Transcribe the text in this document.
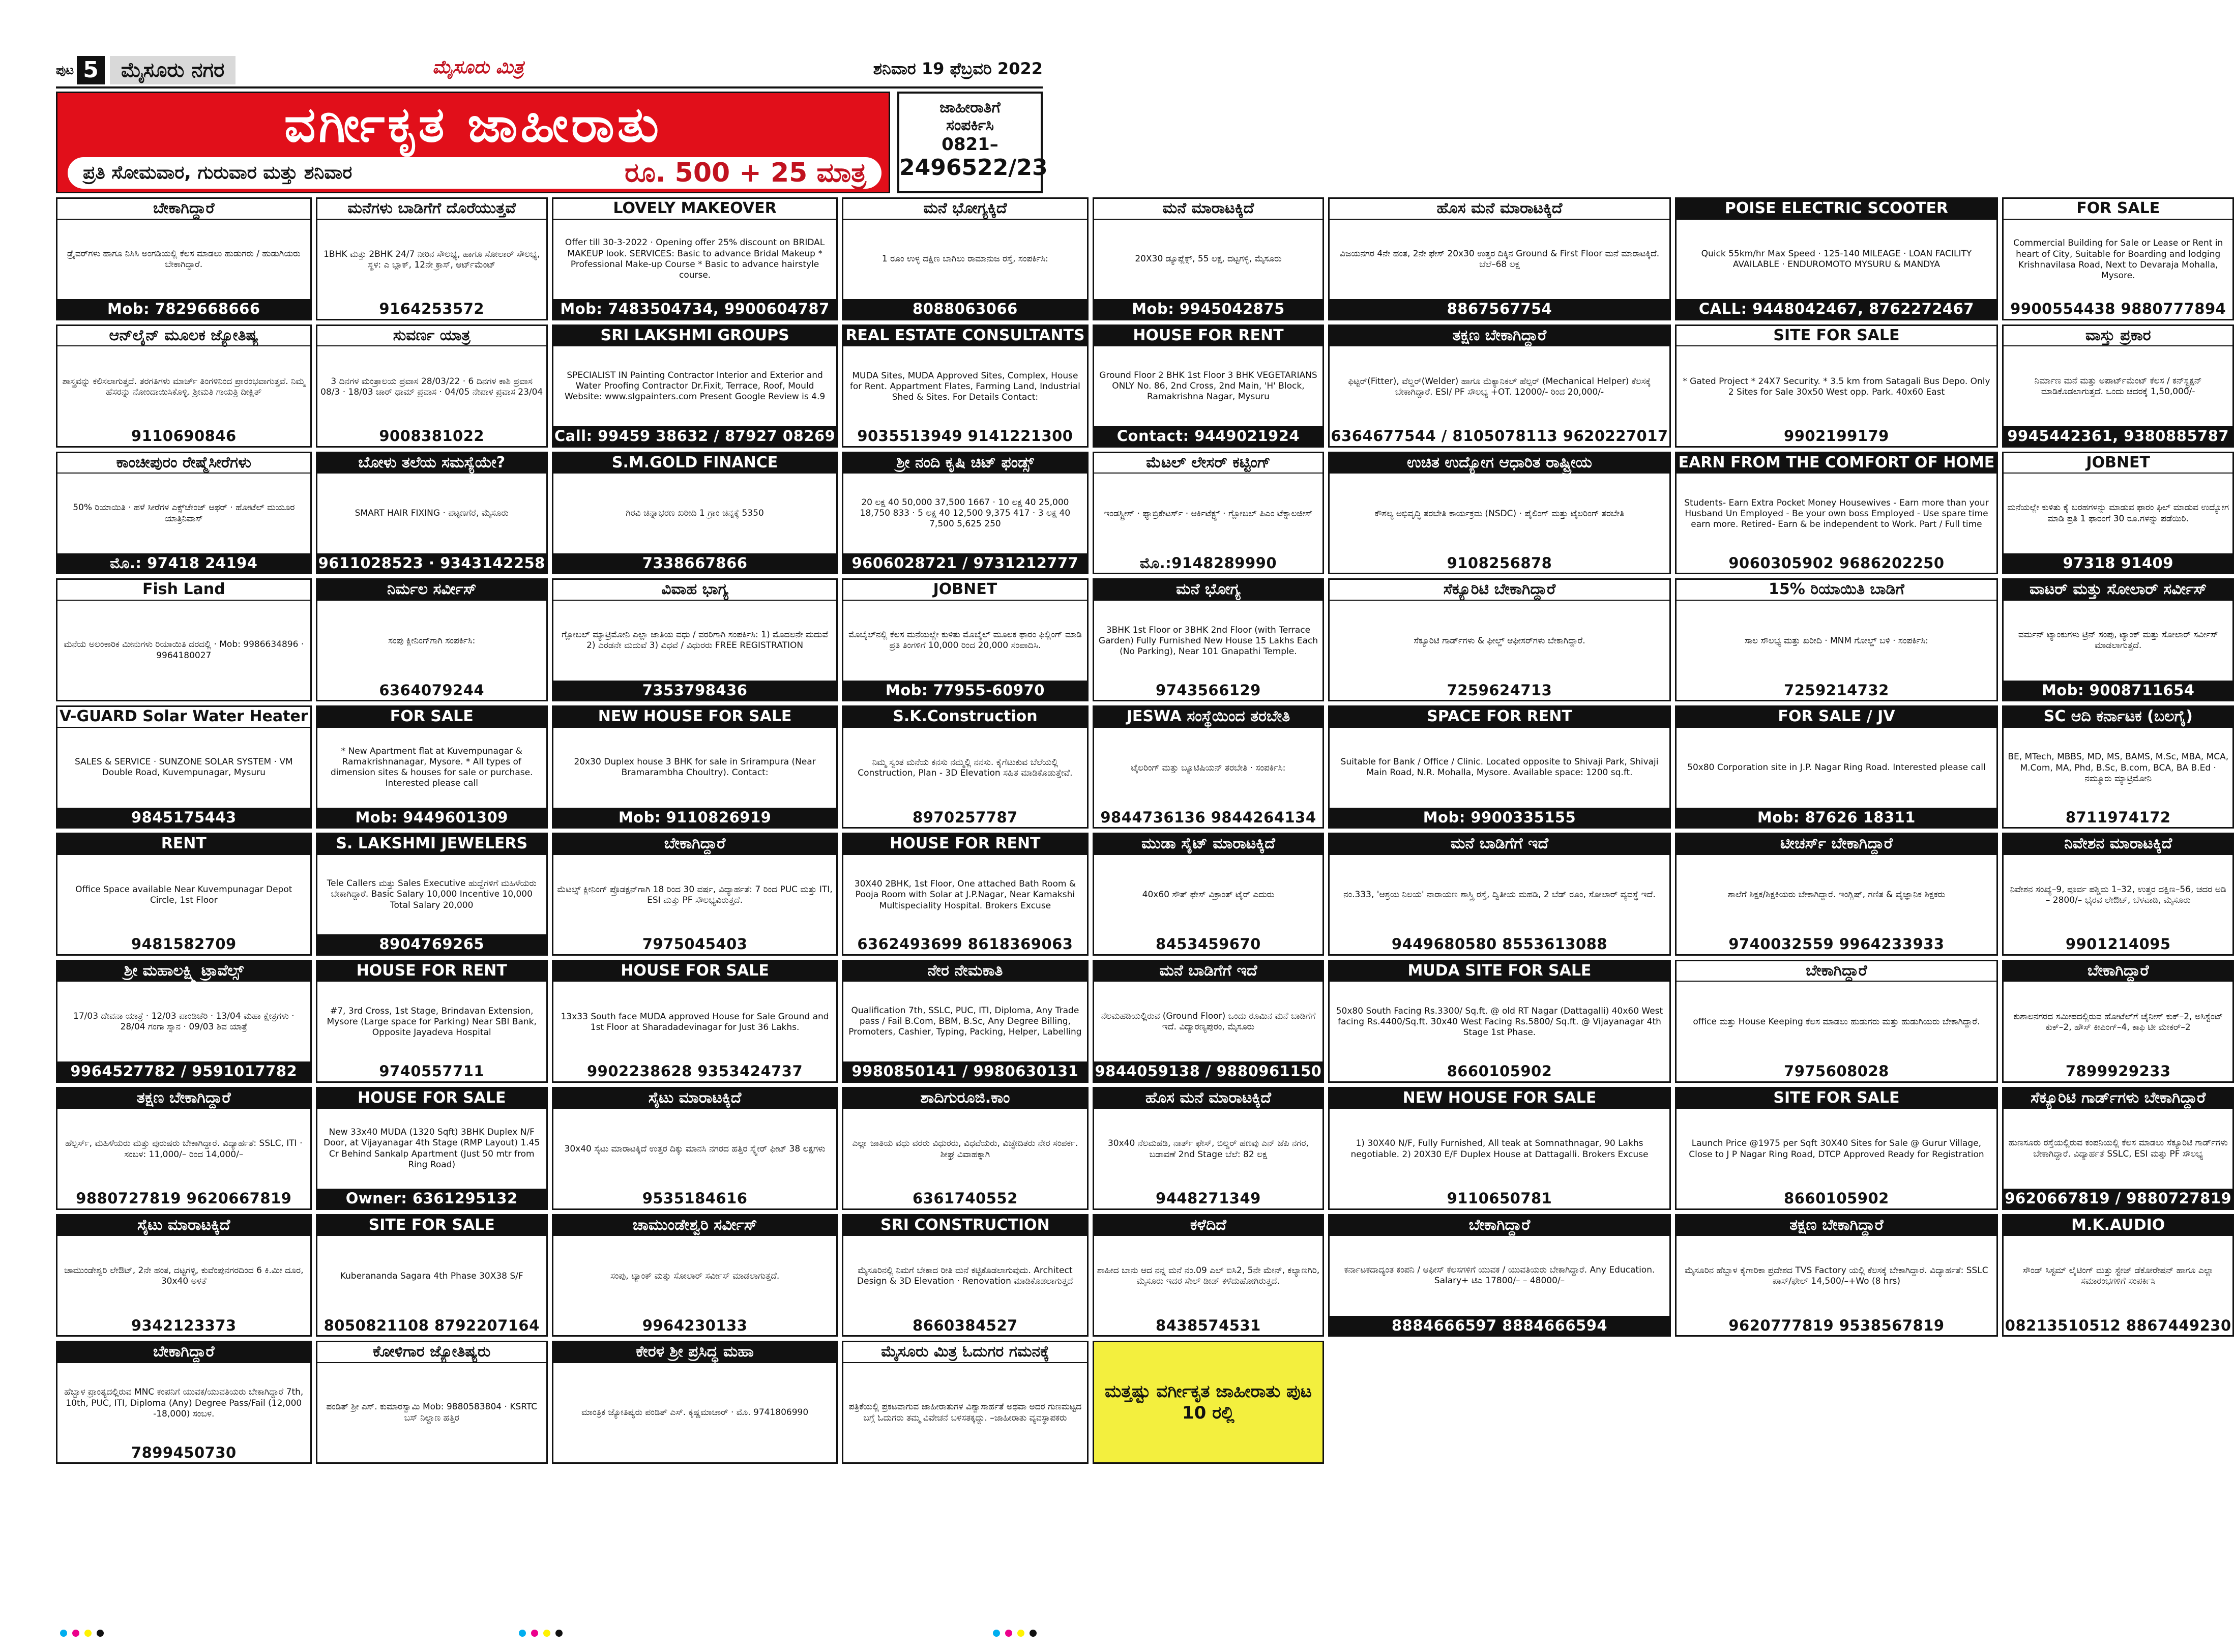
ಪುಟ 5	ಮೈಸೂರು ನಗರ	ಮೈಸೂರು ಮಿತ್ರ	ಶನಿವಾರ 19 ಫೆಬ್ರವರಿ 2022
ವರ್ಗೀಕೃತ ಜಾಹೀರಾತು
ಪ್ರತಿ ಸೋಮವಾರ, ಗುರುವಾರ ಮತ್ತು ಶನಿವಾರ	ರೂ. 500 + 25 ಮಾತ್ರ
ಜಾಹೀರಾತಿಗೆ
ಸಂಪರ್ಕಿಸಿ
0821–
2496522/23
ಬೇಕಾಗಿದ್ದಾರೆ
ಡ್ರೈವರ್‌ಗಳು ಹಾಗೂ ನಿಸಿಸಿ ಅಂಗಡಿಯಲ್ಲಿ ಕೆಲಸ ಮಾಡಲು ಹುಡುಗರು / ಹುಡುಗಿಯರು ಬೇಕಾಗಿದ್ದಾರೆ.
Mob: 7829668666
ಮನೆಗಳು ಬಾಡಿಗೆಗೆ ದೊರೆಯುತ್ತವೆ
1BHK ಮತ್ತು 2BHK 24/7 ನೀರಿನ ಸೌಲಭ್ಯ, ಹಾಗೂ ಸೋಲಾರ್ ಸೌಲಭ್ಯ, ಸ್ಥಳ: ಎ ಬ್ಲಾಕ್, 12ನೇ ಕ್ರಾಸ್, ಆರ್ಟ್‌ಮೆಂಟ್
9164253572
LOVELY MAKEOVER
Offer till 30-3-2022 · Opening offer 25% discount on BRIDAL MAKEUP look. SERVICES: Basic to advance Bridal Makeup * Professional Make-up Course * Basic to advance hairstyle course.
Mob: 7483504734, 9900604787
ಮನೆ ಭೋಗ್ಯಕ್ಕಿದೆ
1 ರೂಂ ಉಳ್ಳ ದಕ್ಷಿಣ ಬಾಗಿಲು ರಾಮಾನುಜ ರಸ್ತೆ, ಸಂಪರ್ಕಿಸಿ:
8088063066
ಮನೆ ಮಾರಾಟಕ್ಕಿದೆ
20X30 ಡ್ಯೂಪ್ಲೆಕ್ಸ್, 55 ಲಕ್ಷ, ದಟ್ಟಗಳ್ಳಿ, ಮೈಸೂರು
Mob: 9945042875
ಹೊಸ ಮನೆ ಮಾರಾಟಕ್ಕಿದೆ
ವಿಜಯನಗರ 4ನೇ ಹಂತ, 2ನೇ ಫೇಸ್ 20x30 ಉತ್ತರ ದಿಕ್ಕಿನ Ground & First Floor ಮನೆ ಮಾರಾಟಕ್ಕಿದೆ. ಬೆಲೆ–68 ಲಕ್ಷ
8867567754
POISE ELECTRIC SCOOTER
Quick 55km/hr Max Speed · 125-140 MILEAGE · LOAN FACILITY AVAILABLE · ENDUROMOTO MYSURU & MANDYA
CALL: 9448042467, 8762272467
FOR SALE
Commercial Building for Sale or Lease or Rent in heart of City, Suitable for Boarding and lodging Krishnavilasa Road, Next to Devaraja Mohalla, Mysore.
9900554438 9880777894
ಆನ್‌ಲೈನ್ ಮೂಲಕ ಜ್ಯೋತಿಷ್ಯ
ಶಾಸ್ತ್ರವನ್ನು ಕಲಿಸಲಾಗುತ್ತದೆ. ತರಗತಿಗಳು ಮಾರ್ಚ್ ತಿಂಗಳಿನಿಂದ ಪ್ರಾರಂಭವಾಗುತ್ತವೆ. ನಿಮ್ಮ ಹೆಸರನ್ನು ನೋಂದಾಯಿಸಿಕೊಳ್ಳಿ. ಶ್ರೀಮತಿ ಗಾಯತ್ರಿ ದೀಕ್ಷಿತ್
9110690846
ಸುವರ್ಣ ಯಾತ್ರ
3 ದಿನಗಳ ಮಂತ್ರಾಲಯ ಪ್ರವಾಸ 28/03/22 · 6 ದಿನಗಳ ಕಾಶಿ ಪ್ರವಾಸ 08/3 · 18/03 ಚಾರ್ ಧಾಮ್ ಪ್ರವಾಸ · 04/05 ನೇಪಾಳ ಪ್ರವಾಸ 23/04
9008381022
SRI LAKSHMI GROUPS
SPECIALIST IN Painting Contractor Interior and Exterior and Water Proofing Contractor Dr.Fixit, Terrace, Roof, Mould Website: www.slgpainters.com Present Google Review is 4.9
Call: 99459 38632 / 87927 08269
REAL ESTATE CONSULTANTS
MUDA Sites, MUDA Approved Sites, Complex, House for Rent. Appartment Flates, Farming Land, Industrial Shed & Sites. For Details Contact:
9035513949 9141221300
HOUSE FOR RENT
Ground Floor 2 BHK 1st Floor 3 BHK VEGETARIANS ONLY No. 86, 2nd Cross, 2nd Main, 'H' Block, Ramakrishna Nagar, Mysuru
Contact: 9449021924
ತಕ್ಷಣ ಬೇಕಾಗಿದ್ದಾರೆ
ಫಿಟ್ಟರ್(Fitter), ವೆಲ್ಡರ್(Welder) ಹಾಗೂ ಮೆಕ್ಯಾನಿಕಲ್ ಹೆಲ್ಪರ್ (Mechanical Helper) ಕೆಲಸಕ್ಕೆ ಬೇಕಾಗಿದ್ದಾರೆ. ESI/ PF ಸೌಲಭ್ಯ +OT. 12000/- ರಿಂದ 20,000/-
6364677544 / 8105078113 9620227017
SITE FOR SALE
* Gated Project * 24X7 Security. * 3.5 km from Satagali Bus Depo. Only 2 Sites for Sale 30x50 West opp. Park. 40x60 East
9902199179
ವಾಸ್ತು ಪ್ರಕಾರ
ನಿರ್ಮಾಣ ಮನೆ ಮತ್ತು ಅಪಾರ್ಟ್‌ಮೆಂಟ್ ಕೆಲಸ / ಕನ್‌ಸ್ಟ್ರಕ್ಷನ್ ಮಾಡಿಕೊಡಲಾಗುತ್ತದೆ. ಒಂದು ಚದರಕ್ಕೆ 1,50,000/-
9945442361, 9380885787
ಕಾಂಚೀಪುರಂ ರೇಷ್ಮೆಸೀರೆಗಳು
50% ರಿಯಾಯಿತಿ · ಹಳೆ ಸೀರೆಗಳ ಎಕ್ಸ್‌ಚೇಂಜ್ ಆಫರ್ · ಹೋಟೆಲ್ ಮಯೂರ ಯಾತ್ರಿನಿವಾಸ್
ಮೊ.: 97418 24194
ಬೋಳು ತಲೆಯ ಸಮಸ್ಯೆಯೇ?
SMART HAIR FIXING · ಪಟ್ಟಣಗೆರೆ, ಮೈಸೂರು
9611028523 · 9343142258
S.M.GOLD FINANCE
ಗಿರವಿ ಚಿನ್ನಾಭರಣ ಖರೀದಿ 1 ಗ್ರಾಂ ಚಿನ್ನಕ್ಕೆ 5350
7338667866
ಶ್ರೀ ನಂದಿ ಕೃಷಿ ಚಿಟ್ ಫಂಡ್ಸ್
20 ಲಕ್ಷ 40 50,000 37,500 1667 · 10 ಲಕ್ಷ 40 25,000 18,750 833 · 5 ಲಕ್ಷ 40 12,500 9,375 417 · 3 ಲಕ್ಷ 40 7,500 5,625 250
9606028721 / 9731212777
ಮೆಟಲ್ ಲೇಸರ್ ಕಟ್ಟಿಂಗ್
ಇಂಡಸ್ಟ್ರೀಸ್ · ಫ್ಯಾಬ್ರಿಕೇಟರ್ಸ್ · ಆರ್ಕಿಟೆಕ್ಟ್ಸ್ · ಗ್ಲೋಬಲ್ ಪಿಎಂ ಟೆಕ್ನಾಲಜೀಸ್
ಮೊ.:9148289990
ಉಚಿತ ಉದ್ಯೋಗ ಆಧಾರಿತ ರಾಷ್ಟ್ರೀಯ
ಕೌಶಲ್ಯ ಅಭಿವೃದ್ಧಿ ತರಬೇತಿ ಕಾರ್ಯಕ್ರಮ (NSDC) · ಪೈಲಿಂಗ್ ಮತ್ತು ಟೈಲರಿಂಗ್ ತರಬೇತಿ
9108256878
EARN FROM THE COMFORT OF HOME
Students- Earn Extra Pocket Money Housewives - Earn more than your Husband Un Employed - Be your own boss Employed - Use spare time earn more. Retired- Earn & be independent to Work. Part / Full time
9060305902 9686202250
JOBNET
ಮನೆಯಲ್ಲೇ ಕುಳಿತು ಕೈ ಬರಹಗಳನ್ನು ಮಾಡುವ ಫಾರಂ ಫಿಲ್ ಮಾಡುವ ಉದ್ಯೋಗ ಮಾಡಿ ಪ್ರತಿ 1 ಫಾರಂಗೆ 30 ರೂ.ಗಳನ್ನು ಪಡೆಯಿರಿ.
97318 91409
Fish Land
ಮನೆಯ ಅಲಂಕಾರಿಕ ಮೀನುಗಳು ರಿಯಾಯಿತಿ ದರದಲ್ಲಿ · Mob: 9986634896 · 9964180027
ನಿರ್ಮಲ ಸರ್ವೀಸ್
ಸಂಪು ಕ್ಲೀನಿಂಗ್‌ಗಾಗಿ ಸಂಪರ್ಕಿಸಿ:
6364079244
ವಿವಾಹ ಭಾಗ್ಯ
ಗ್ಲೋಬಲ್ ಮ್ಯಾಟ್ರಿಮೋನಿ ಎಲ್ಲಾ ಜಾತಿಯ ವಧು / ವರರಿಗಾಗಿ ಸಂಪರ್ಕಿಸಿ: 1) ಮೊದಲನೇ ಮದುವೆ 2) ಎರಡನೇ ಮದುವೆ 3) ವಿಧವೆ / ವಿಧುರರು FREE REGISTRATION
7353798436
JOBNET
ಮೊಬೈಲ್‌ನಲ್ಲಿ ಕೆಲಸ ಮನೆಯಲ್ಲೇ ಕುಳಿತು ಮೊಬೈಲ್ ಮೂಲಕ ಫಾರಂ ಫಿಲ್ಲಿಂಗ್ ಮಾಡಿ ಪ್ರತಿ ತಿಂಗಳಿಗೆ 10,000 ರಿಂದ 20,000 ಸಂಪಾದಿಸಿ.
Mob: 77955-60970
ಮನೆ ಭೋಗ್ಯ
3BHK 1st Floor or 3BHK 2nd Floor (with Terrace Garden) Fully Furnished New House 15 Lakhs Each (No Parking), Near 101 Gnapathi Temple.
9743566129
ಸೆಕ್ಯೂರಿಟಿ ಬೇಕಾಗಿದ್ದಾರೆ
ಸೆಕ್ಯೂರಿಟಿ ಗಾರ್ಡ್‌ಗಳು & ಫೀಲ್ಡ್ ಆಫೀಸರ್‌ಗಳು ಬೇಕಾಗಿದ್ದಾರೆ.
7259624713
15% ರಿಯಾಯಿತಿ ಬಾಡಿಗೆ
ಸಾಲ ಸೌಲಭ್ಯ ಮತ್ತು ಖರೀದಿ · MNM ಗೋಲ್ಡ್ ಬಳಿ · ಸಂಪರ್ಕಿಸಿ:
7259214732
ವಾಟರ್ ಮತ್ತು ಸೋಲಾರ್ ಸರ್ವೀಸ್
ವರ್ಮನ್ ಟ್ಯಾಂಕುಗಳು ಟ್ರಿನ್ ಸಂಪು, ಟ್ಯಾಂಕ್ ಮತ್ತು ಸೋಲಾರ್ ಸರ್ವೀಸ್ ಮಾಡಲಾಗುತ್ತದೆ.
Mob: 9008711654
V-GUARD Solar Water Heater
SALES & SERVICE · SUNZONE SOLAR SYSTEM · VM Double Road, Kuvempunagar, Mysuru
9845175443
FOR SALE
* New Apartment flat at Kuvempunagar & Ramakrishnanagar, Mysore. * All types of dimension sites & houses for sale or purchase. Interested please call
Mob: 9449601309
NEW HOUSE FOR SALE
20x30 Duplex house 3 BHK for sale in Srirampura (Near Bramarambha Choultry). Contact:
Mob: 9110826919
S.K.Construction
ನಿಮ್ಮ ಸ್ವಂತ ಮನೆಯ ಕನಸು ನಮ್ಮಲ್ಲಿ ನನಸು. ಕೈಗೆಟುಕುವ ಬೆಲೆಯಲ್ಲಿ Construction, Plan - 3D Elevation ಸಹಿತ ಮಾಡಿಕೊಡುತ್ತೇವೆ.
8970257787
JESWA ಸಂಸ್ಥೆಯಿಂದ ತರಬೇತಿ
ಟೈಲರಿಂಗ್ ಮತ್ತು ಬ್ಯೂಟಿಷಿಯನ್ ತರಬೇತಿ · ಸಂಪರ್ಕಿಸಿ:
9844736136 9844264134
SPACE FOR RENT
Suitable for Bank / Office / Clinic. Located opposite to Shivaji Park, Shivaji Main Road, N.R. Mohalla, Mysore. Available space: 1200 sq.ft.
Mob: 9900335155
FOR SALE / JV
50x80 Corporation site in J.P. Nagar Ring Road. Interested please call
Mob: 87626 18311
SC ಆದಿ ಕರ್ನಾಟಕ (ಬಲಗೈ)
BE, MTech, MBBS, MD, MS, BAMS, M.Sc, MBA, MCA, M.Com, MA, Phd, B.Sc, B.com, BCA, BA B.Ed · ನಮ್ಮೂರು ಮ್ಯಾಟ್ರಿಮೋನಿ
8711974172
RENT
Office Space available Near Kuvempunagar Depot Circle, 1st Floor
9481582709
S. LAKSHMI JEWELERS
Tele Callers ಮತ್ತು Sales Executive ಹುದ್ದೆಗಳಿಗೆ ಮಹಿಳೆಯರು ಬೇಕಾಗಿದ್ದಾರೆ. Basic Salary 10,000 Incentive 10,000 Total Salary 20,000
8904769265
ಬೇಕಾಗಿದ್ದಾರೆ
ಮೆಟಲ್ಸ್ ಕ್ಲೀನಿಂಗ್ ಪ್ರೊಡಕ್ಷನ್‌ಗಾಗಿ 18 ರಿಂದ 30 ವರ್ಷ, ವಿದ್ಯಾರ್ಹತೆ: 7 ರಿಂದ PUC ಮತ್ತು ITI, ESI ಮತ್ತು PF ಸೌಲಭ್ಯವಿರುತ್ತದೆ.
7975045403
HOUSE FOR RENT
30X40 2BHK, 1st Floor, One attached Bath Room & Pooja Room with Solar at J.P.Nagar, Near Kamakshi Multispeciality Hospital. Brokers Excuse
6362493699 8618369063
ಮುಡಾ ಸೈಟ್ ಮಾರಾಟಕ್ಕಿದೆ
40x60 ಸೌತ್ ಫೇಸ್ ವಿಕ್ರಾಂತ್ ಟೈರ್ ಎದುರು
8453459670
ಮನೆ ಬಾಡಿಗೆಗೆ ಇದೆ
ನಂ.333, 'ಆಶ್ರಯ ನಿಲಯ' ನಾರಾಯಣ ಶಾಸ್ತ್ರಿ ರಸ್ತೆ, ದ್ವಿತೀಯ ಮಹಡಿ, 2 ಬೆಡ್ ರೂಂ, ಸೋಲಾರ್ ವ್ಯವಸ್ಥೆ ಇದೆ.
9449680580 8553613088
ಟೀಚರ್ಸ್ ಬೇಕಾಗಿದ್ದಾರೆ
ಶಾಲೆಗೆ ಶಿಕ್ಷಕ/ಶಿಕ್ಷಕಿಯರು ಬೇಕಾಗಿದ್ದಾರೆ. ಇಂಗ್ಲಿಷ್, ಗಣಿತ & ವೈಜ್ಞಾನಿಕ ಶಿಕ್ಷಕರು
9740032559 9964233933
ನಿವೇಶನ ಮಾರಾಟಕ್ಕಿದೆ
ನಿವೇಶನ ಸಂಖ್ಯೆ–9, ಪೂರ್ವ ಪಶ್ಚಿಮ 1–32, ಉತ್ತರ ದಕ್ಷಿಣ–56, ಚದರ ಅಡಿ – 2800/– ಭೈರವ ಲೇಔಟ್, ಬೆಳವಾಡಿ, ಮೈಸೂರು
9901214095
ಶ್ರೀ ಮಹಾಲಕ್ಷ್ಮಿ ಟ್ರಾವೆಲ್ಸ್
17/03 ದೇವನಾ ಯಾತ್ರೆ · 12/03 ಪಾಂಡಿಚೆರಿ · 13/04 ಮಹಾ ಕ್ಷೇತ್ರಗಳು · 28/04 ಗಂಗಾ ಸ್ನಾನ · 09/03 ಶಿವ ಯಾತ್ರೆ
9964527782 / 9591017782
HOUSE FOR RENT
#7, 3rd Cross, 1st Stage, Brindavan Extension, Mysore (Large space for Parking) Near SBI Bank, Opposite Jayadeva Hospital
9740557711
HOUSE FOR SALE
13x33 South face MUDA approved House for Sale Ground and 1st Floor at Sharadadevinagar for Just 36 Lakhs.
9902238628 9353424737
ನೇರ ನೇಮಕಾತಿ
Qualification 7th, SSLC, PUC, ITI, Diploma, Any Trade pass / Fail B.Com, BBM, B.Sc, Any Degree Billing, Promoters, Cashier, Typing, Packing, Helper, Labelling
9980850141 / 9980630131
ಮನೆ ಬಾಡಿಗೆಗೆ ಇದೆ
ನೆಲಮಹಡಿಯಲ್ಲಿರುವ (Ground Floor) ಒಂದು ರೂಮಿನ ಮನೆ ಬಾಡಿಗೆಗೆ ಇದೆ. ವಿದ್ಯಾರಣ್ಯಪುರಂ, ಮೈಸೂರು
9844059138 / 9880961150
MUDA SITE FOR SALE
50x80 South Facing Rs.3300/ Sq.ft. @ old RT Nagar (Dattagalli) 40x60 West facing Rs.4400/Sq.ft. 30x40 West Facing Rs.5800/ Sq.ft. @ Vijayanagar 4th Stage 1st Phase.
8660105902
ಬೇಕಾಗಿದ್ದಾರೆ
office ಮತ್ತು House Keeping ಕೆಲಸ ಮಾಡಲು ಹುಡುಗರು ಮತ್ತು ಹುಡುಗಿಯರು ಬೇಕಾಗಿದ್ದಾರೆ.
7975608028
ಬೇಕಾಗಿದ್ದಾರೆ
ಕುಶಾಲನಗರದ ಸಮೀಪದಲ್ಲಿರುವ ಹೋಟೆಲ್‌ಗೆ ಚೈನೀಸ್ ಕುಕ್–2, ಅಸಿಸ್ಟೆಂಟ್ ಕುಕ್–2, ಹೌಸ್ ಕೀಪಿಂಗ್–4, ಕಾಫಿ ಟೀ ಮೇಕರ್–2
7899929233
ತಕ್ಷಣ ಬೇಕಾಗಿದ್ದಾರೆ
ಹೆಲ್ಪರ್ಸ್, ಮಹಿಳೆಯರು ಮತ್ತು ಪುರುಷರು ಬೇಕಾಗಿದ್ದಾರೆ. ವಿದ್ಯಾರ್ಹತೆ: SSLC, ITI · ಸಂಬಳ: 11,000/– ರಿಂದ 14,000/–
9880727819 9620667819
HOUSE FOR SALE
New 33x40 MUDA (1320 Sqft) 3BHK Duplex N/F Door, at Vijayanagar 4th Stage (RMP Layout) 1.45 Cr Behind Sankalp Apartment (Just 50 mtr from Ring Road)
Owner: 6361295132
ಸೈಟು ಮಾರಾಟಕ್ಕಿದೆ
30x40 ಸೈಟು ಮಾರಾಟಕ್ಕಿದೆ ಉತ್ತರ ದಿಕ್ಕು ಮಾನಸಿ ನಗರದ ಹತ್ತಿರ ಸ್ಕ್ವೇರ್ ಫೀಟ್ 38 ಲಕ್ಷಗಳು
9535184616
ಶಾದಿಗುರೂಜಿ.ಕಾಂ
ಎಲ್ಲಾ ಜಾತಿಯ ವಧು ವರರು ವಿಧುರರು, ವಿಧವೆಯರು, ವಿಚ್ಛೇದಿತರು ನೇರ ಸಂಪರ್ಕ. ಶೀಘ್ರ ವಿವಾಹಕ್ಕಾಗಿ
6361740552
ಹೊಸ ಮನೆ ಮಾರಾಟಕ್ಕಿದೆ
30x40 ನೆಲಮಹಡಿ, ನಾರ್ತ್ ಫೇಸ್, ಬಿಲ್ಡರ್ ಹಣವು ಎನ್ ಜೆಪಿ ನಗರ, ಬಡಾವಣೆ 2nd Stage ಬೆಲೆ: 82 ಲಕ್ಷ
9448271349
NEW HOUSE FOR SALE
1) 30X40 N/F, Fully Furnished, All teak at Somnathnagar, 90 Lakhs negotiable. 2) 20X30 E/F Duplex House at Dattagalli. Brokers Excuse
9110650781
SITE FOR SALE
Launch Price @1975 per Sqft 30X40 Sites for Sale @ Gurur Village, Close to J P Nagar Ring Road, DTCP Approved Ready for Registration
8660105902
ಸೆಕ್ಯೂರಿಟಿ ಗಾರ್ಡ್‌ಗಳು ಬೇಕಾಗಿದ್ದಾರೆ
ಹುಣಸೂರು ರಸ್ತೆಯಲ್ಲಿರುವ ಕಂಪನಿಯಲ್ಲಿ ಕೆಲಸ ಮಾಡಲು ಸೆಕ್ಯೂರಿಟಿ ಗಾರ್ಡ್‌ಗಳು ಬೇಕಾಗಿದ್ದಾರೆ. ವಿದ್ಯಾರ್ಹತೆ SSLC, ESI ಮತ್ತು PF ಸೌಲಭ್ಯ
9620667819 / 9880727819
ಸೈಟು ಮಾರಾಟಕ್ಕಿದೆ
ಚಾಮುಂಡೇಶ್ವರಿ ಲೇಔಟ್, 2ನೇ ಹಂತ, ದಟ್ಟಗಳ್ಳಿ, ಕುವೆಂಪುನಗರದಿಂದ 6 ಕಿ.ಮೀ ದೂರ, 30x40 ಅಳತೆ
9342123373
SITE FOR SALE
Kuberananda Sagara 4th Phase 30X38 S/F
8050821108 8792207164
ಚಾಮುಂಡೇಶ್ವರಿ ಸರ್ವೀಸ್
ಸಂಪು, ಟ್ಯಾಂಕ್ ಮತ್ತು ಸೋಲಾರ್ ಸರ್ವೀಸ್ ಮಾಡಲಾಗುತ್ತದೆ.
9964230133
SRI CONSTRUCTION
ಮೈಸೂರಿನಲ್ಲಿ ನಿಮಗೆ ಬೇಕಾದ ರೀತಿ ಮನೆ ಕಟ್ಟಿಕೊಡಲಾಗುವುದು. Architect Design & 3D Elevation · Renovation ಮಾಡಿಕೊಡಲಾಗುತ್ತದೆ
8660384527
ಕಳೆದಿದೆ
ಶಾಹೀದ ಬಾನು ಆದ ನನ್ನ ಮನೆ ನಂ.09 ಎಲ್ ಐಸಿ2, 5ನೇ ಮೇನ್, ಕಲ್ಯಾಣಗಿರಿ, ಮೈಸೂರು ಇದರ ಸೇಲ್ ಡೀಡ್ ಕಳೆದುಹೋಗಿರುತ್ತದೆ.
8438574531
ಬೇಕಾಗಿದ್ದಾರೆ
ಕರ್ನಾಟಕದಾದ್ಯಂತ ಕಂಪನಿ / ಆಫೀಸ್ ಕೆಲಸಗಳಿಗೆ ಯುವಕ / ಯುವತಿಯರು ಬೇಕಾಗಿದ್ದಾರೆ. Any Education. Salary+ ಟಿಎ 17800/– – 48000/–
8884666597 8884666594
ತಕ್ಷಣ ಬೇಕಾಗಿದ್ದಾರೆ
ಮೈಸೂರಿನ ಹೆಬ್ಬಾಳ ಕೈಗಾರಿಕಾ ಪ್ರದೇಶದ TVS Factory ಯಲ್ಲಿ ಕೆಲಸಕ್ಕೆ ಬೇಕಾಗಿದ್ದಾರೆ. ವಿದ್ಯಾರ್ಹತೆ: SSLC ಪಾಸ್/ಫೇಲ್ 14,500/–+Wo (8 hrs)
9620777819 9538567819
M.K.AUDIO
ಸೌಂಡ್ ಸಿಸ್ಟಮ್ ಲೈಟಿಂಗ್ ಮತ್ತು ಸ್ಟೇಜ್ ಡೆಕೋರೇಷನ್ ಹಾಗೂ ಎಲ್ಲಾ ಸಮಾರಂಭಗಳಿಗೆ ಸಂಪರ್ಕಿಸಿ
08213510512 8867449230
ಬೇಕಾಗಿದ್ದಾರೆ
ಹೆಬ್ಬಾಳ ಪ್ರಾಂತ್ಯದಲ್ಲಿರುವ MNC ಕಂಪನಿಗೆ ಯುವಕ/ಯುವತಿಯರು ಬೇಕಾಗಿದ್ದಾರೆ 7th, 10th, PUC, ITI, Diploma (Any) Degree Pass/Fail (12,000 -18,000) ಸಂಬಳ.
7899450730
ಕೋಳಿಗಾರ ಜ್ಯೋತಿಷ್ಯರು
ಪಂಡಿತ್ ಶ್ರೀ ಎಸ್. ಕುಮಾರಸ್ವಾಮಿ Mob: 9880583804 · KSRTC ಬಸ್ ನಿಲ್ದಾಣ ಹತ್ತಿರ
ಕೇರಳ ಶ್ರೀ ಪ್ರಸಿದ್ಧ ಮಹಾ
ಮಾಂತ್ರಿಕ ಜ್ಯೋತಿಷ್ಯರು ಪಂಡಿತ್ ಎಸ್. ಕೃಷ್ಣಮಾಚಾರ್ · ಮೊ. 9741806990
ಮೈಸೂರು ಮಿತ್ರ ಓದುಗರ ಗಮನಕ್ಕೆ
ಪತ್ರಿಕೆಯಲ್ಲಿ ಪ್ರಕಟವಾಗುವ ಜಾಹೀರಾತುಗಳ ವಿಶ್ವಾಸಾರ್ಹತೆ ಅಥವಾ ಅದರ ಗುಣಮಟ್ಟದ ಬಗ್ಗೆ ಓದುಗರು ತಮ್ಮ ವಿವೇಚನೆ ಬಳಸತಕ್ಕದ್ದು. –ಜಾಹೀರಾತು ವ್ಯವಸ್ಥಾಪಕರು
ಮತ್ತಷ್ಟು ವರ್ಗೀಕೃತ ಜಾಹೀರಾತು ಪುಟ 10 ರಲ್ಲಿ
